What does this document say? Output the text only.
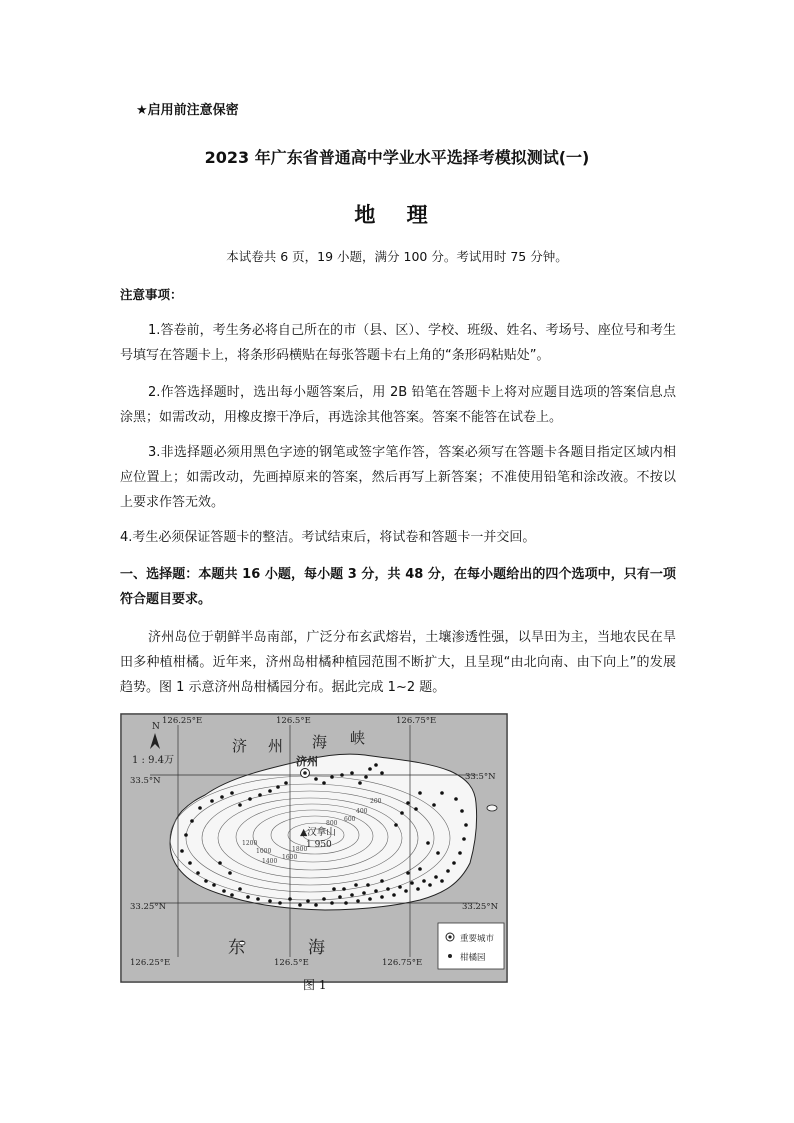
★启用前注意保密
2023 年广东省普通高中学业水平选择考模拟测试(一)
地 理
本试卷共 6 页，19 小题，满分 100 分。考试用时 75 分钟。
注意事项：
1.答卷前，考生务必将自己所在的市（县、区）、学校、班级、姓名、考场号、座位号和考生号填写在答题卡上，将条形码横贴在每张答题卡右上角的“条形码粘贴处”。
2.作答选择题时，选出每小题答案后，用 2B 铅笔在答题卡上将对应题目选项的答案信息点涂黑；如需改动，用橡皮擦干净后，再选涂其他答案。答案不能答在试卷上。
3.非选择题必须用黑色字迹的钢笔或签字笔作答，答案必须写在答题卡各题目指定区域内相应位置上；如需改动，先画掉原来的答案，然后再写上新答案；不准使用铅笔和涂改液。不按以上要求作答无效。
4.考生必须保证答题卡的整洁。考试结束后，将试卷和答题卡一并交回。
一、选择题：本题共 16 小题，每小题 3 分，共 48 分，在每小题给出的四个选项中，只有一项符合题目要求。
济州岛位于朝鲜半岛南部，广泛分布玄武熔岩，土壤渗透性强，以旱田为主，当地农民在旱田多种植柑橘。近年来，济州岛柑橘种植园范围不断扩大，且呈现“由北向南、由下向上”的发展趋势。图 1 示意济州岛柑橘园分布。据此完成 1~2 题。
N
1 : 9.4万
126.25°E	126.5°E	126.75°E
126.25°E	126.5°E	126.75°E
33.5°N	33.5°N
33.25°N	33.25°N
济 州 海 峡
东	海
济州
▲汉拿山
1 950
200
400
600
800
1000
1200
1400
1600
1800
重要城市
柑橘园
图 1
